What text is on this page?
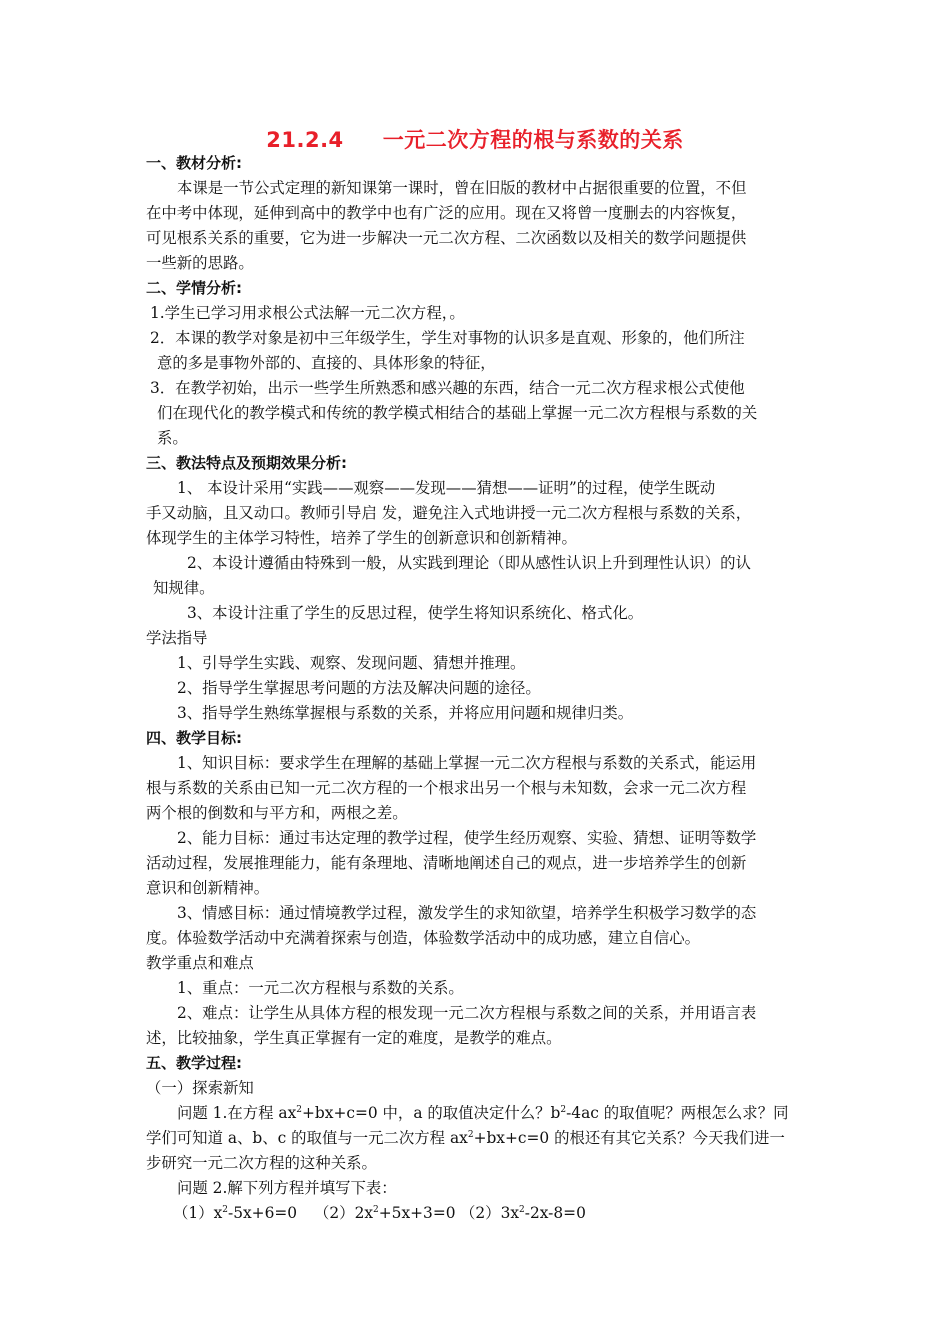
21.2.4     一元二次方程的根与系数的关系
一、教材分析:
本课是一节公式定理的新知课第一课时，曾在旧版的教材中占据很重要的位置，不但
在中考中体现，延伸到高中的教学中也有广泛的应用。现在又将曾一度删去的内容恢复，
可见根系关系的重要，它为进一步解决一元二次方程、二次函数以及相关的数学问题提供
一些新的思路。
二、学情分析:
1.学生已学习用求根公式法解一元二次方程，。
2．本课的教学对象是初中三年级学生，学生对事物的认识多是直观、形象的，他们所注
意的多是事物外部的、直接的、具体形象的特征，
3．在教学初始，出示一些学生所熟悉和感兴趣的东西，结合一元二次方程求根公式使他
们在现代化的教学模式和传统的教学模式相结合的基础上掌握一元二次方程根与系数的关
系。
三、教法特点及预期效果分析:
1、 本设计采用“实践——观察——发现——猜想——证明”的过程，使学生既动
手又动脑，且又动口。教师引导启 发，避免注入式地讲授一元二次方程根与系数的关系，
体现学生的主体学习特性，培养了学生的创新意识和创新精神。
2、本设计遵循由特殊到一般，从实践到理论（即从感性认识上升到理性认识）的认
知规律。
3、本设计注重了学生的反思过程，使学生将知识系统化、格式化。
学法指导
1、引导学生实践、观察、发现问题、猜想并推理。
2、指导学生掌握思考问题的方法及解决问题的途径。
3、指导学生熟练掌握根与系数的关系，并将应用问题和规律归类。
四、教学目标:
1、知识目标：要求学生在理解的基础上掌握一元二次方程根与系数的关系式，能运用
根与系数的关系由已知一元二次方程的一个根求出另一个根与未知数，会求一元二次方程
两个根的倒数和与平方和，两根之差。
2、能力目标：通过韦达定理的教学过程，使学生经历观察、实验、猜想、证明等数学
活动过程，发展推理能力，能有条理地、清晰地阐述自己的观点，进一步培养学生的创新
意识和创新精神。
3、情感目标：通过情境教学过程，激发学生的求知欲望，培养学生积极学习数学的态
度。体验数学活动中充满着探索与创造，体验数学活动中的成功感，建立自信心。
教学重点和难点
1、重点：一元二次方程根与系数的关系。
2、难点：让学生从具体方程的根发现一元二次方程根与系数之间的关系，并用语言表
述，比较抽象，学生真正掌握有一定的难度，是教学的难点。
五、教学过程:
（一）探索新知
问题 1.在方程 $ax^2+bx+c=0$ 中，a 的取值决定什么？$b^2-4ac$ 的取值呢？两根怎么求？同
学们可知道 a、b、c 的取值与一元二次方程 $ax^2+bx+c=0$ 的根还有其它关系？今天我们进一
步研究一元二次方程的这种关系。
问题 2.解下列方程并填写下表：
$(1)x^2-5x+6=0$ $(2)2x^2+5x+3=0$ $(2)3x^2-2x-8=0$
